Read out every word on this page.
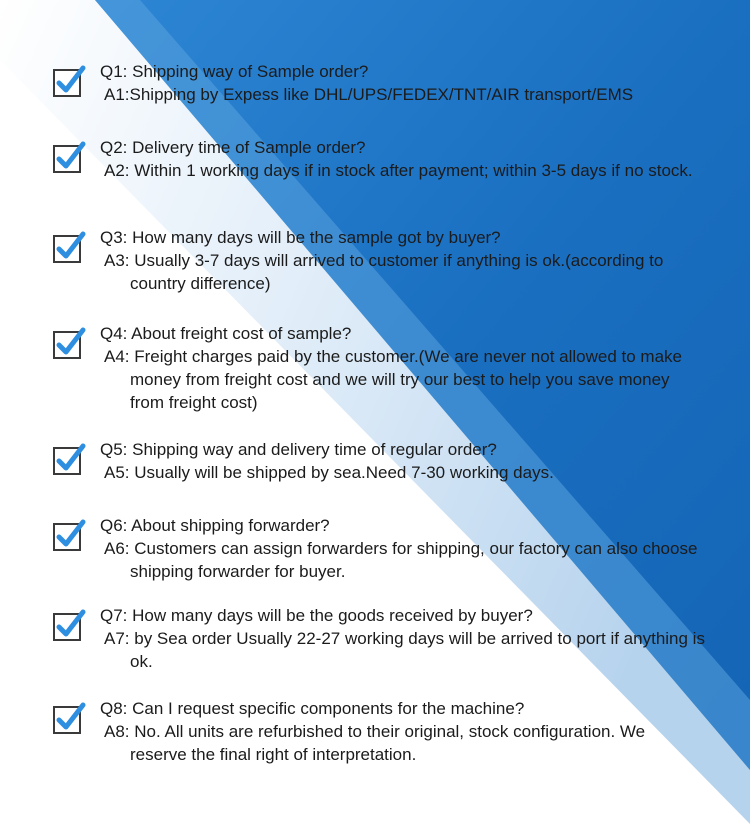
Q1: Shipping way of Sample order?
A1:Shipping by Expess like DHL/UPS/FEDEX/TNT/AIR transport/EMS
Q2: Delivery time of Sample order?
A2: Within 1 working days if in stock after payment; within 3-5 days if no stock.
Q3: How many days will be the sample got by buyer?
A3: Usually 3-7 days will arrived to customer if anything is ok.(according to country difference)
Q4: About freight cost of sample?
A4: Freight charges paid by the customer.(We are never not allowed to make money from freight cost and we will try our best to help you save money from freight cost)
Q5: Shipping way and delivery time of regular order?
A5: Usually will be shipped by sea.Need 7-30 working days.
Q6: About shipping forwarder?
A6: Customers can assign forwarders for shipping, our factory can also choose shipping forwarder for buyer.
Q7: How many days will be the goods received by buyer?
A7: by Sea order Usually 22-27 working days will be arrived to port if anything is ok.
Q8: Can I request specific components for the machine?
A8: No. All units are refurbished to their original, stock configuration. We reserve the final right of interpretation.
